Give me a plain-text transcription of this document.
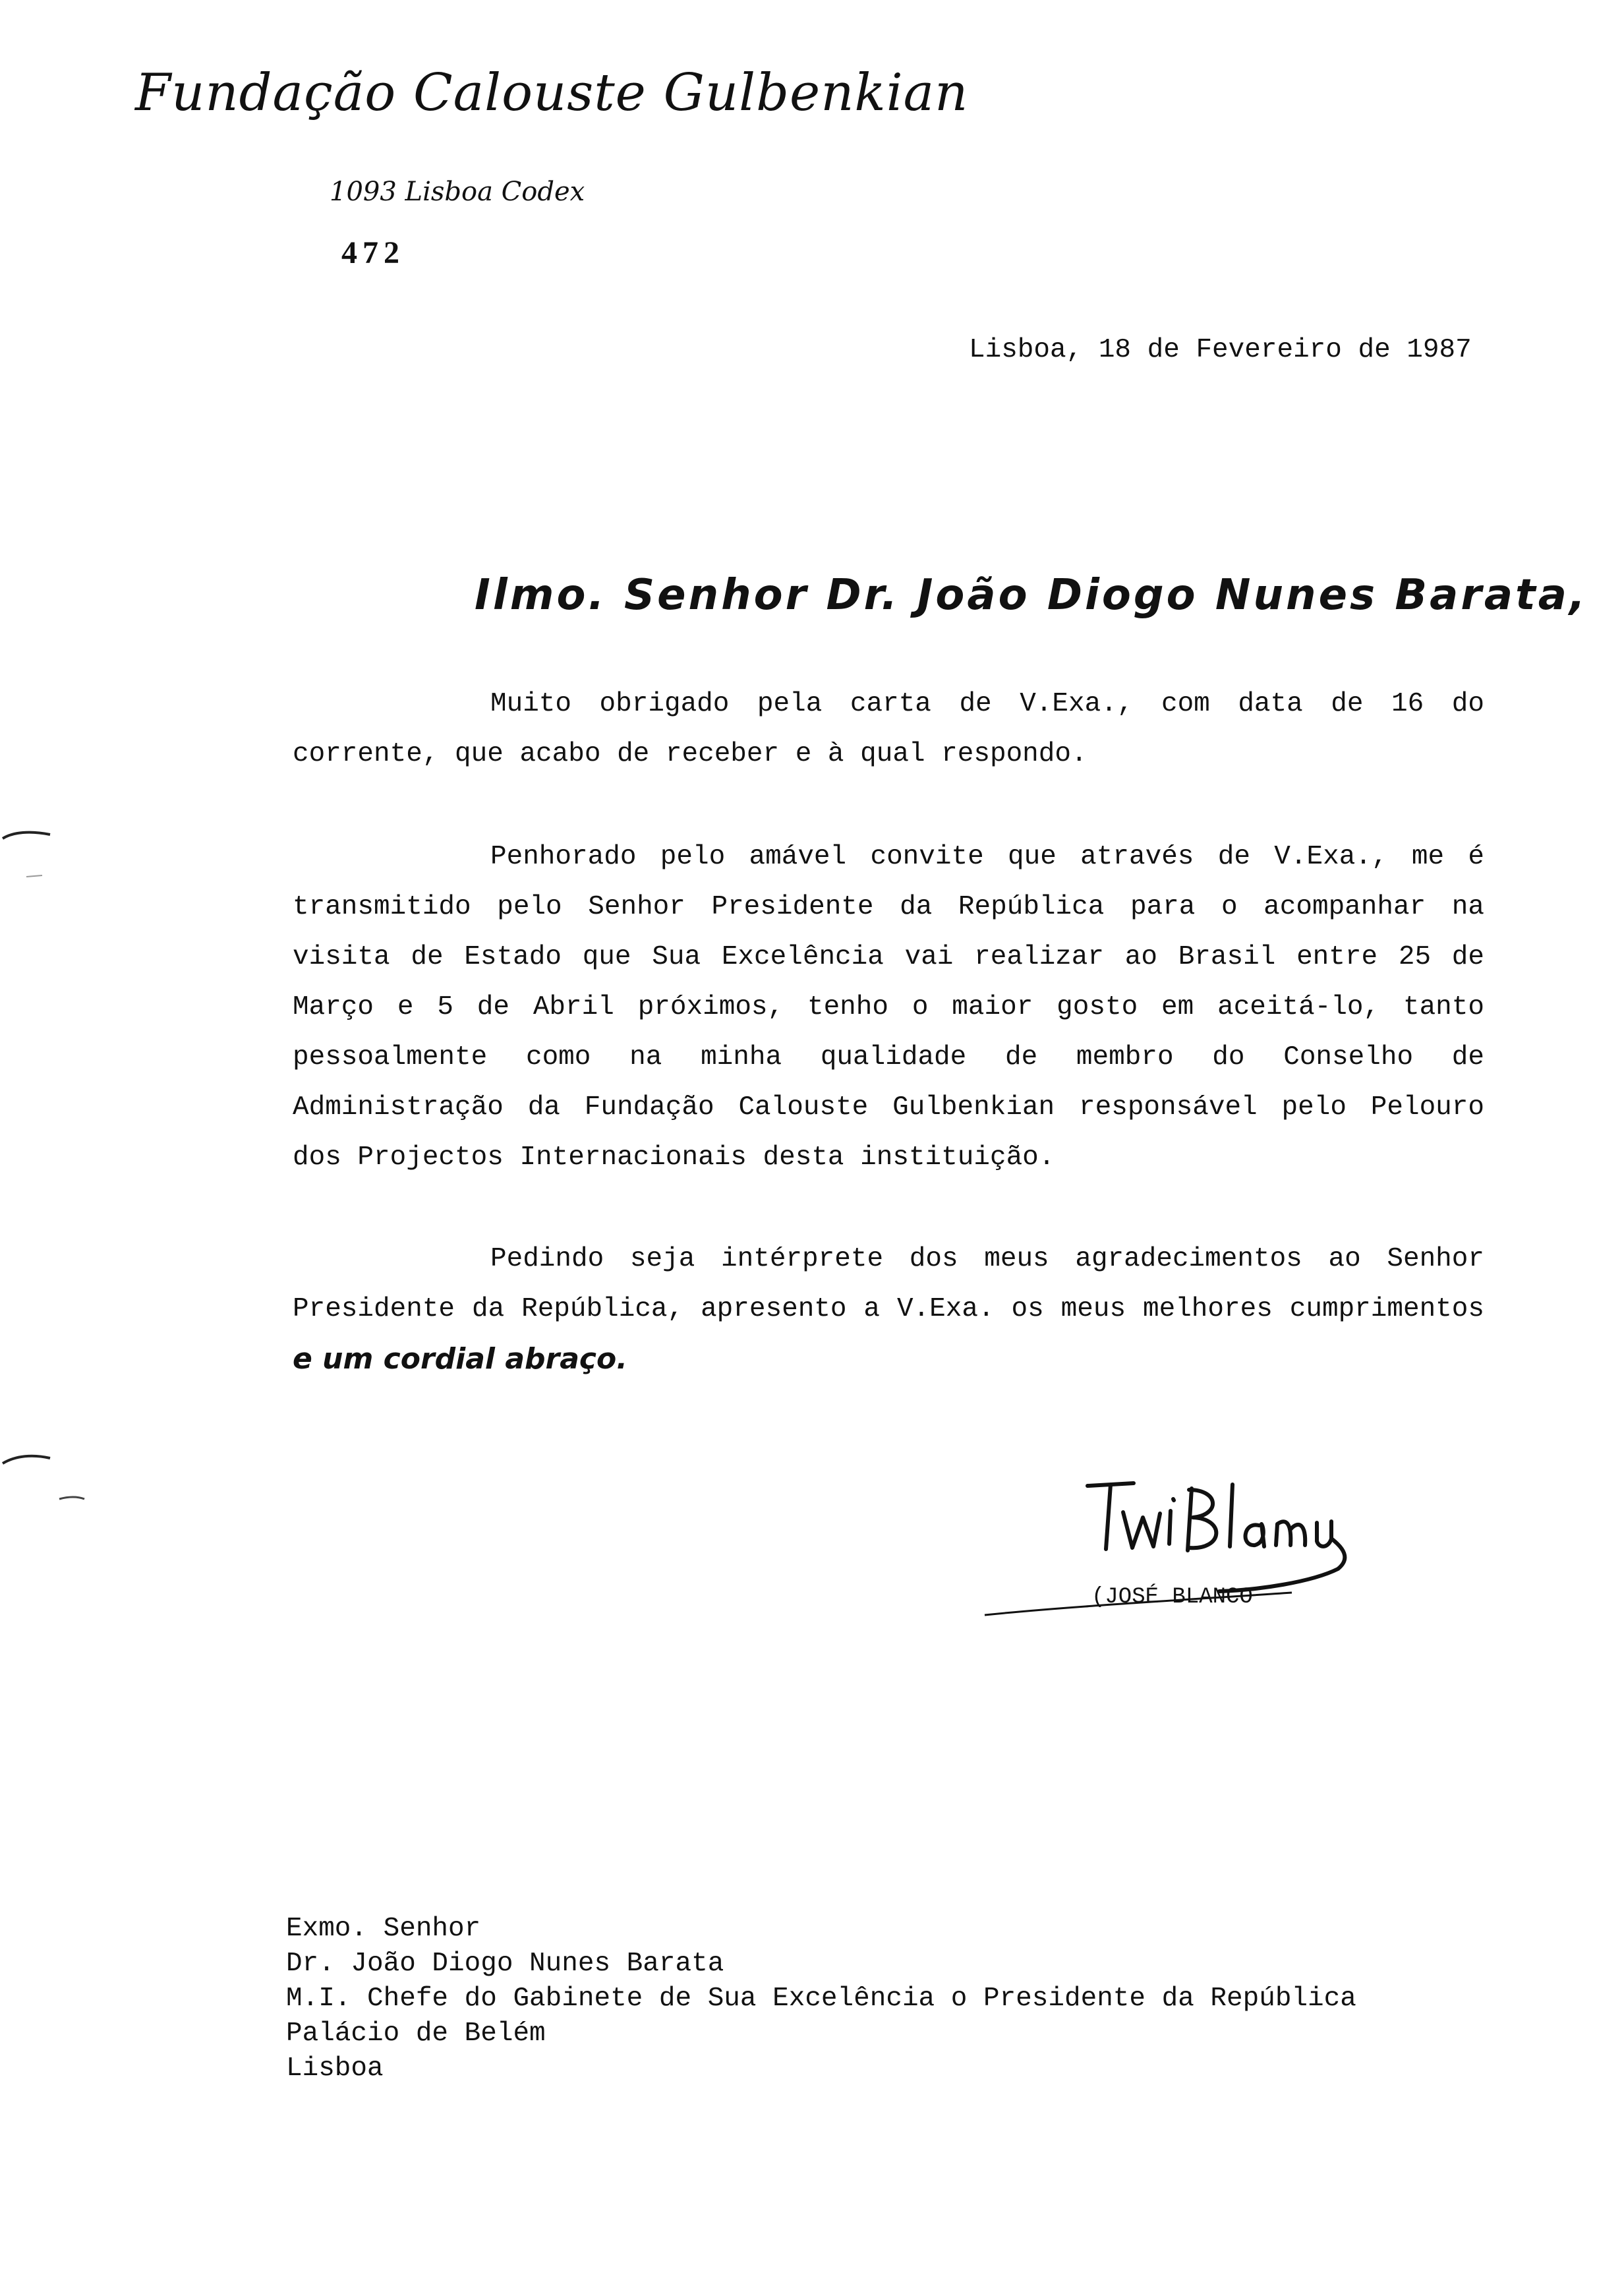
Fundação Calouste Gulbenkian
1093 Lisboa Codex
472
Lisboa, 18 de Fevereiro de 1987
Ilmo. Senhor Dr. João Diogo Nunes Barata,

Muito obrigado pela carta de V.Exa., com data de 16 do corrente, que acabo de receber e à qual respondo.

Penhorado pelo amável convite que através de V.Exa., me é transmitido pelo Senhor Presidente da República para o acompanhar na visita de Estado que Sua Excelência vai realizar ao Brasil entre 25 de Março e 5 de Abril próximos, tenho o maior gosto em aceitá-lo, tanto pessoalmente como na minha qualidade de membro do Conselho de Administração da Fundação Calouste Gulbenkian responsável pelo Pelouro dos Projectos Internacionais desta instituição.

Pedindo seja intérprete dos meus agradecimentos ao Senhor Presidente da República, apresento a V.Exa. os meus melhores cumprimentos e um cordial abraço.

(JOSÉ BLANCO
Exmo. Senhor
Dr. João Diogo Nunes Barata
M.I. Chefe do Gabinete de Sua Excelência o Presidente da República
Palácio de Belém
Lisboa
